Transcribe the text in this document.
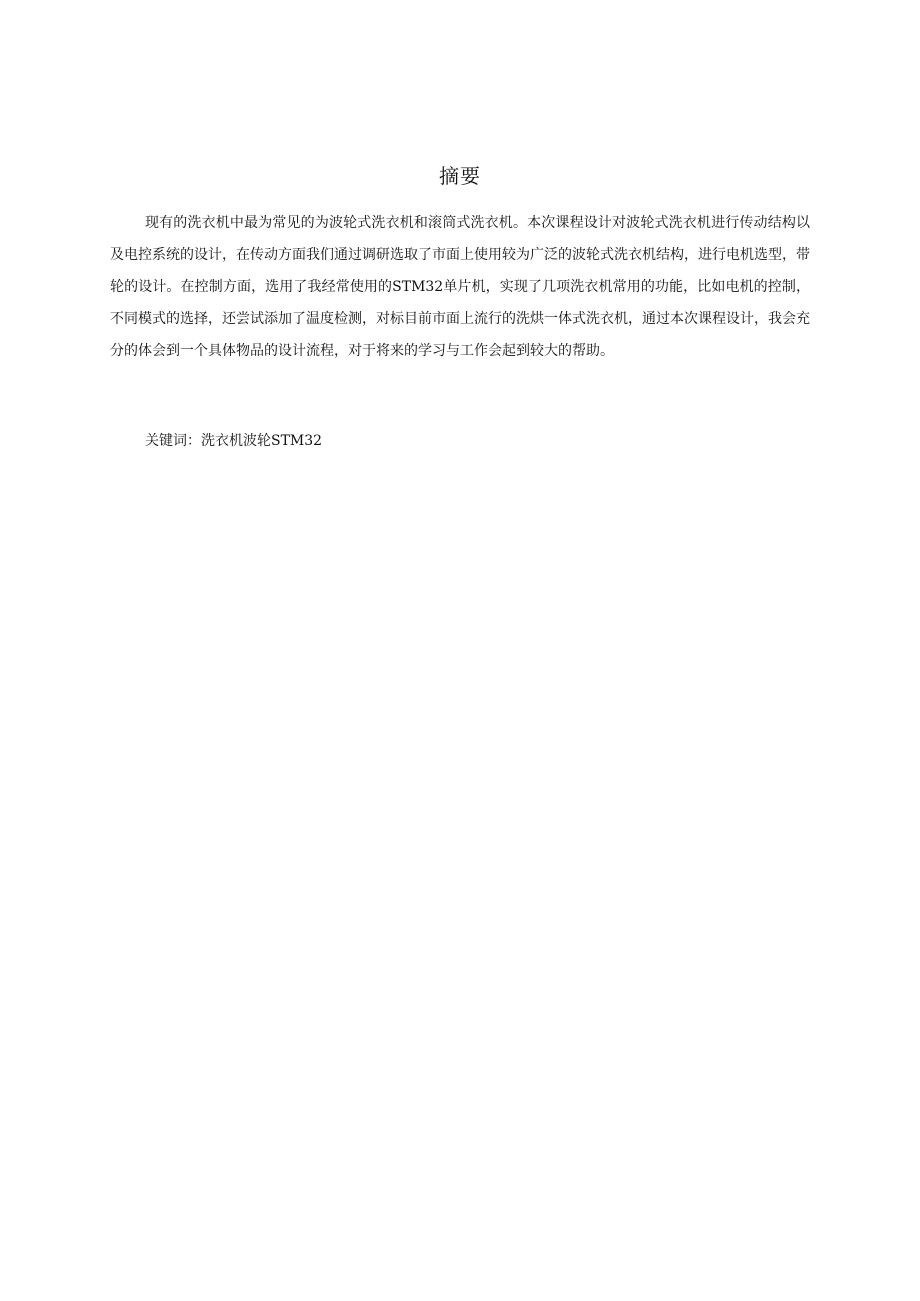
摘要

现有的洗衣机中最为常见的为波轮式洗衣机和滚筒式洗衣机。本次课程设计对波轮式洗衣机进行传动结构以及电控系统的设计，在传动方面我们通过调研选取了市面上使用较为广泛的波轮式洗衣机结构，进行电机选型，带轮的设计。在控制方面，选用了我经常使用的STM32单片机，实现了几项洗衣机常用的功能，比如电机的控制，不同模式的选择，还尝试添加了温度检测，对标目前市面上流行的洗烘一体式洗衣机，通过本次课程设计，我会充分的体会到一个具体物品的设计流程，对于将来的学习与工作会起到较大的帮助。

关键词：洗衣机波轮STM32
